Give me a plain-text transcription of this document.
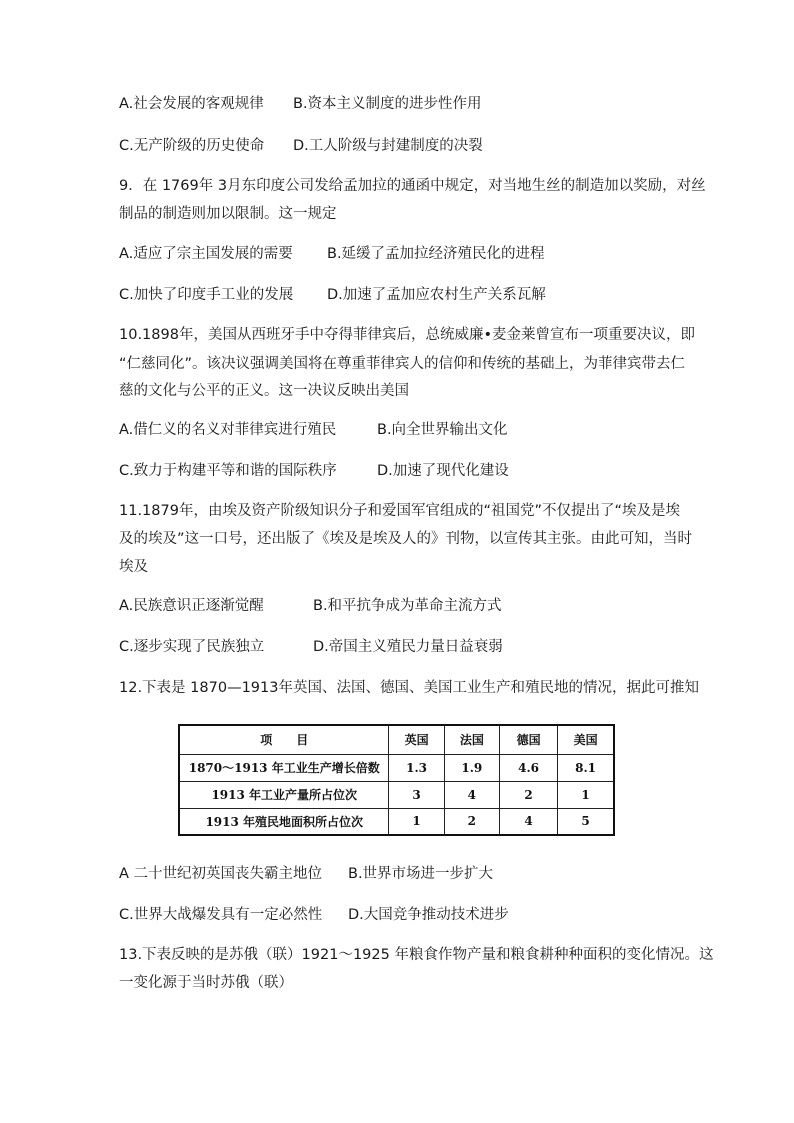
A.社会发展的客观规律 B.资本主义制度的进步性作用
C.无产阶级的历史使命 D.工人阶级与封建制度的决裂
9．在 1769年 3月东印度公司发给孟加拉的通函中规定，对当地生丝的制造加以奖励，对丝
制品的制造则加以限制。这一规定
A.适应了宗主国发展的需要 B.延缓了孟加拉经济殖民化的进程
C.加快了印度手工业的发展 D.加速了孟加应农村生产关系瓦解
10.1898年，美国从西班牙手中夺得菲律宾后，总统威廉•麦金莱曾宣布一项重要决议，即
“仁慈同化”。该决议强调美国将在尊重菲律宾人的信仰和传统的基础上，为菲律宾带去仁
慈的文化与公平的正义。这一决议反映出美国
A.借仁义的名义对菲律宾进行殖民	B.向全世界输出文化
C.致力于构建平等和谐的国际秩序	D.加速了现代化建设
11.1879年，由埃及资产阶级知识分子和爱国军官组成的“祖国党”不仅提出了“埃及是埃
及的埃及”这一口号，还出版了《埃及是埃及人的》刊物，以宣传其主张。由此可知，当时
埃及
A.民族意识正逐渐觉醒	B.和平抗争成为革命主流方式
C.逐步实现了民族独立	D.帝国主义殖民力量日益衰弱
12.下表是 1870—1913年英国、法国、德国、美国工业生产和殖民地的情况，据此可推知
项　　目	英国	法国	德国	美国
1870～1913 年工业生产增长倍数	1.3	1.9	4.6	8.1
1913 年工业产量所占位次	3	4	2	1
1913 年殖民地面积所占位次	1	2	4	5
A 二十世纪初英国丧失霸主地位 B.世界市场进一步扩大
C.世界大战爆发具有一定必然性 D.大国竞争推动技术进步
13.下表反映的是苏俄（联）1921～1925 年粮食作物产量和粮食耕种种面积的变化情况。这
一变化源于当时苏俄（联）
